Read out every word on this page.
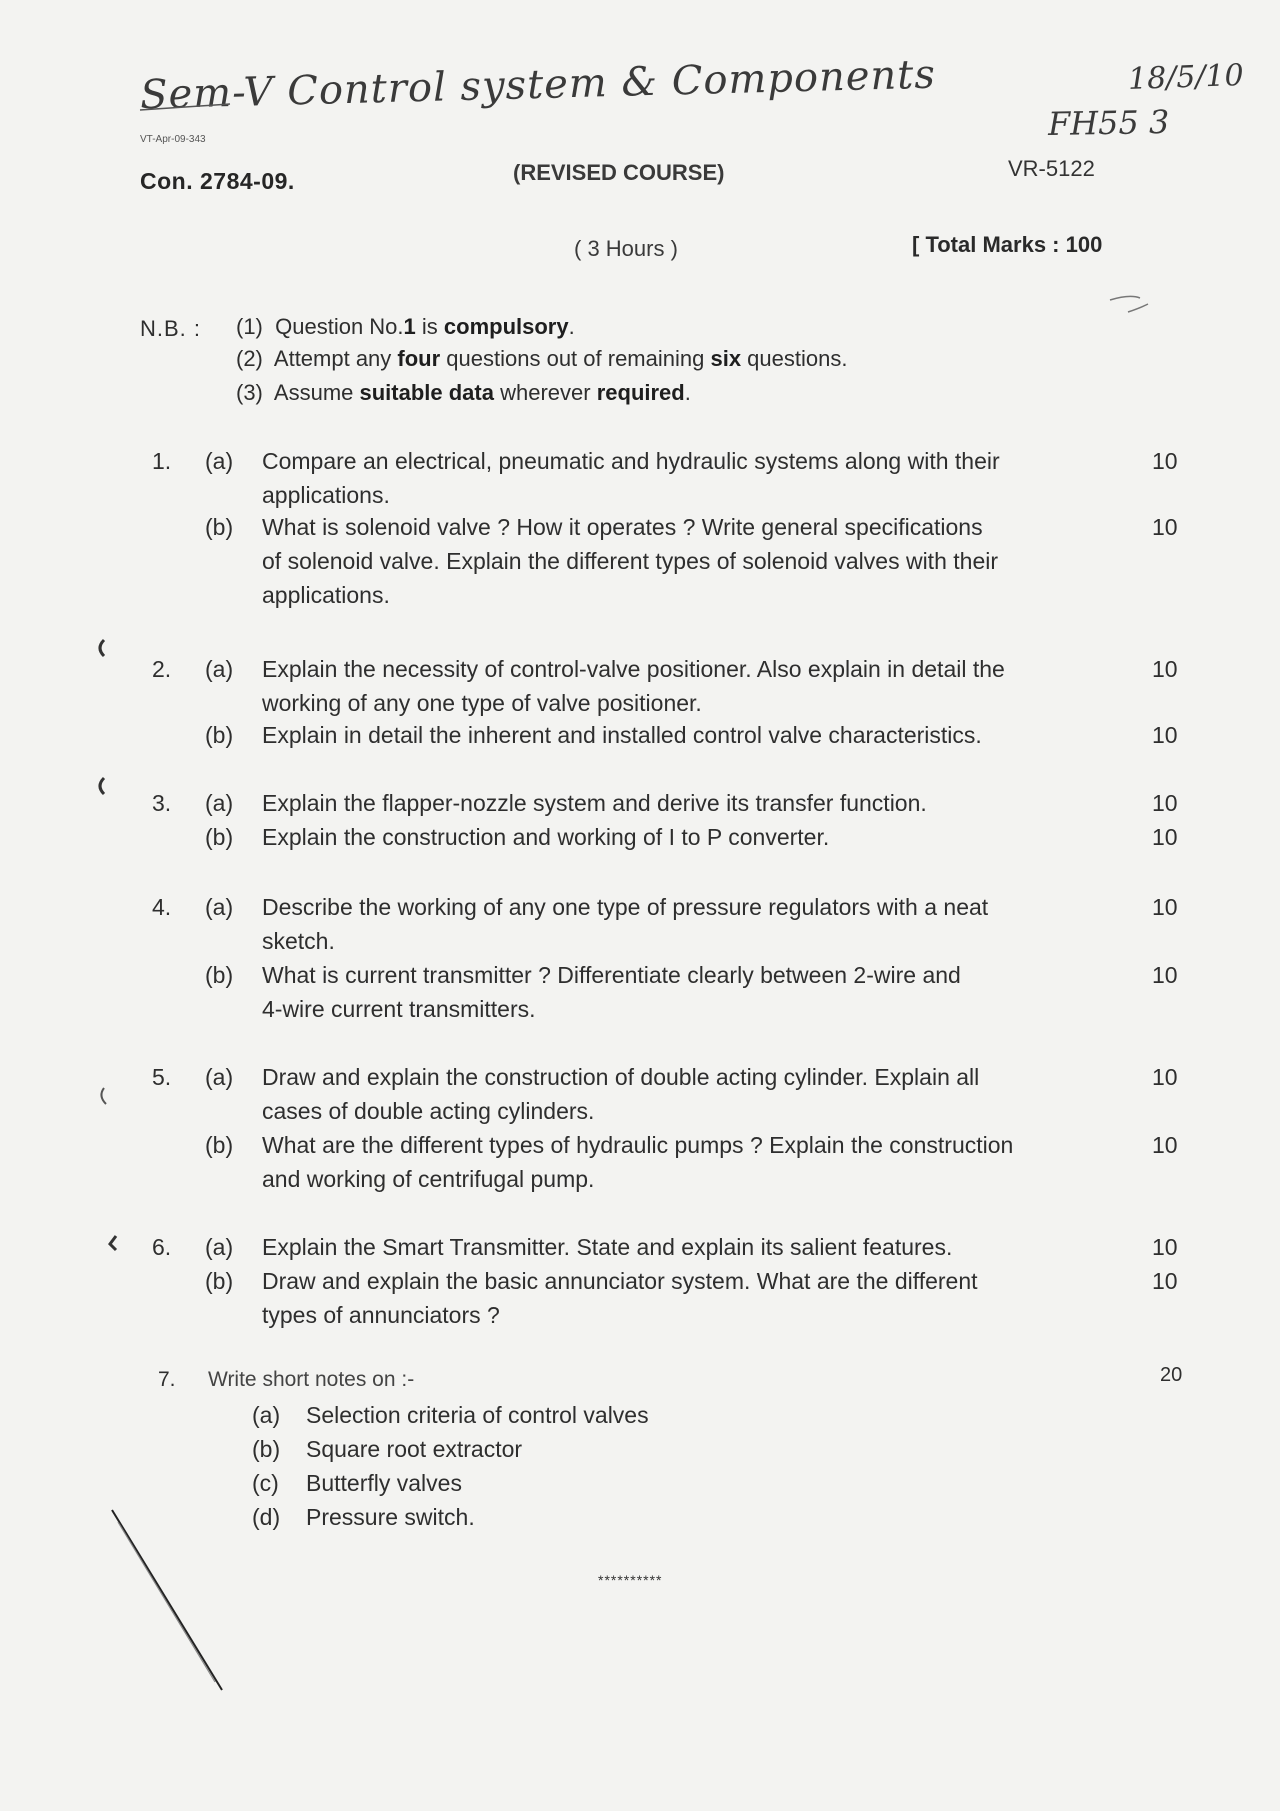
Sem-V Control system & Components	18/5/10
FH55 3
VT-Apr-09-343
Con. 2784-09.	(REVISED COURSE)	VR-5122
( 3 Hours )	[ Total Marks : 100
N.B. : (1) Question No.1 is compulsory.
(2) Attempt any four questions out of remaining six questions.
(3) Assume suitable data wherever required.
1. (a)	10
Compare an electrical, pneumatic and hydraulic systems along with their
applications.
(b)	10
What is solenoid valve ? How it operates ? Write general specifications
of solenoid valve. Explain the different types of solenoid valves with their
applications.
2. (a)	10
Explain the necessity of control-valve positioner. Also explain in detail the
working of any one type of valve positioner.
(b)	10
Explain in detail the inherent and installed control valve characteristics.
3. (a)	10
Explain the flapper-nozzle system and derive its transfer function.
(b)	10
Explain the construction and working of I to P converter.
4. (a)	10
Describe the working of any one type of pressure regulators with a neat
sketch.
(b)	10
What is current transmitter ? Differentiate clearly between 2-wire and
4-wire current transmitters.
5. (a)	10
Draw and explain the construction of double acting cylinder. Explain all
cases of double acting cylinders.
(b)	10
What are the different types of hydraulic pumps ? Explain the construction
and working of centrifugal pump.
6. (a)	10
Explain the Smart Transmitter. State and explain its salient features.
(b)	10
Draw and explain the basic annunciator system. What are the different
types of annunciators ?
7. Write short notes on :-	20
(a) Selection criteria of control valves
(b) Square root extractor
(c) Butterfly valves
(d) Pressure switch.
**********
